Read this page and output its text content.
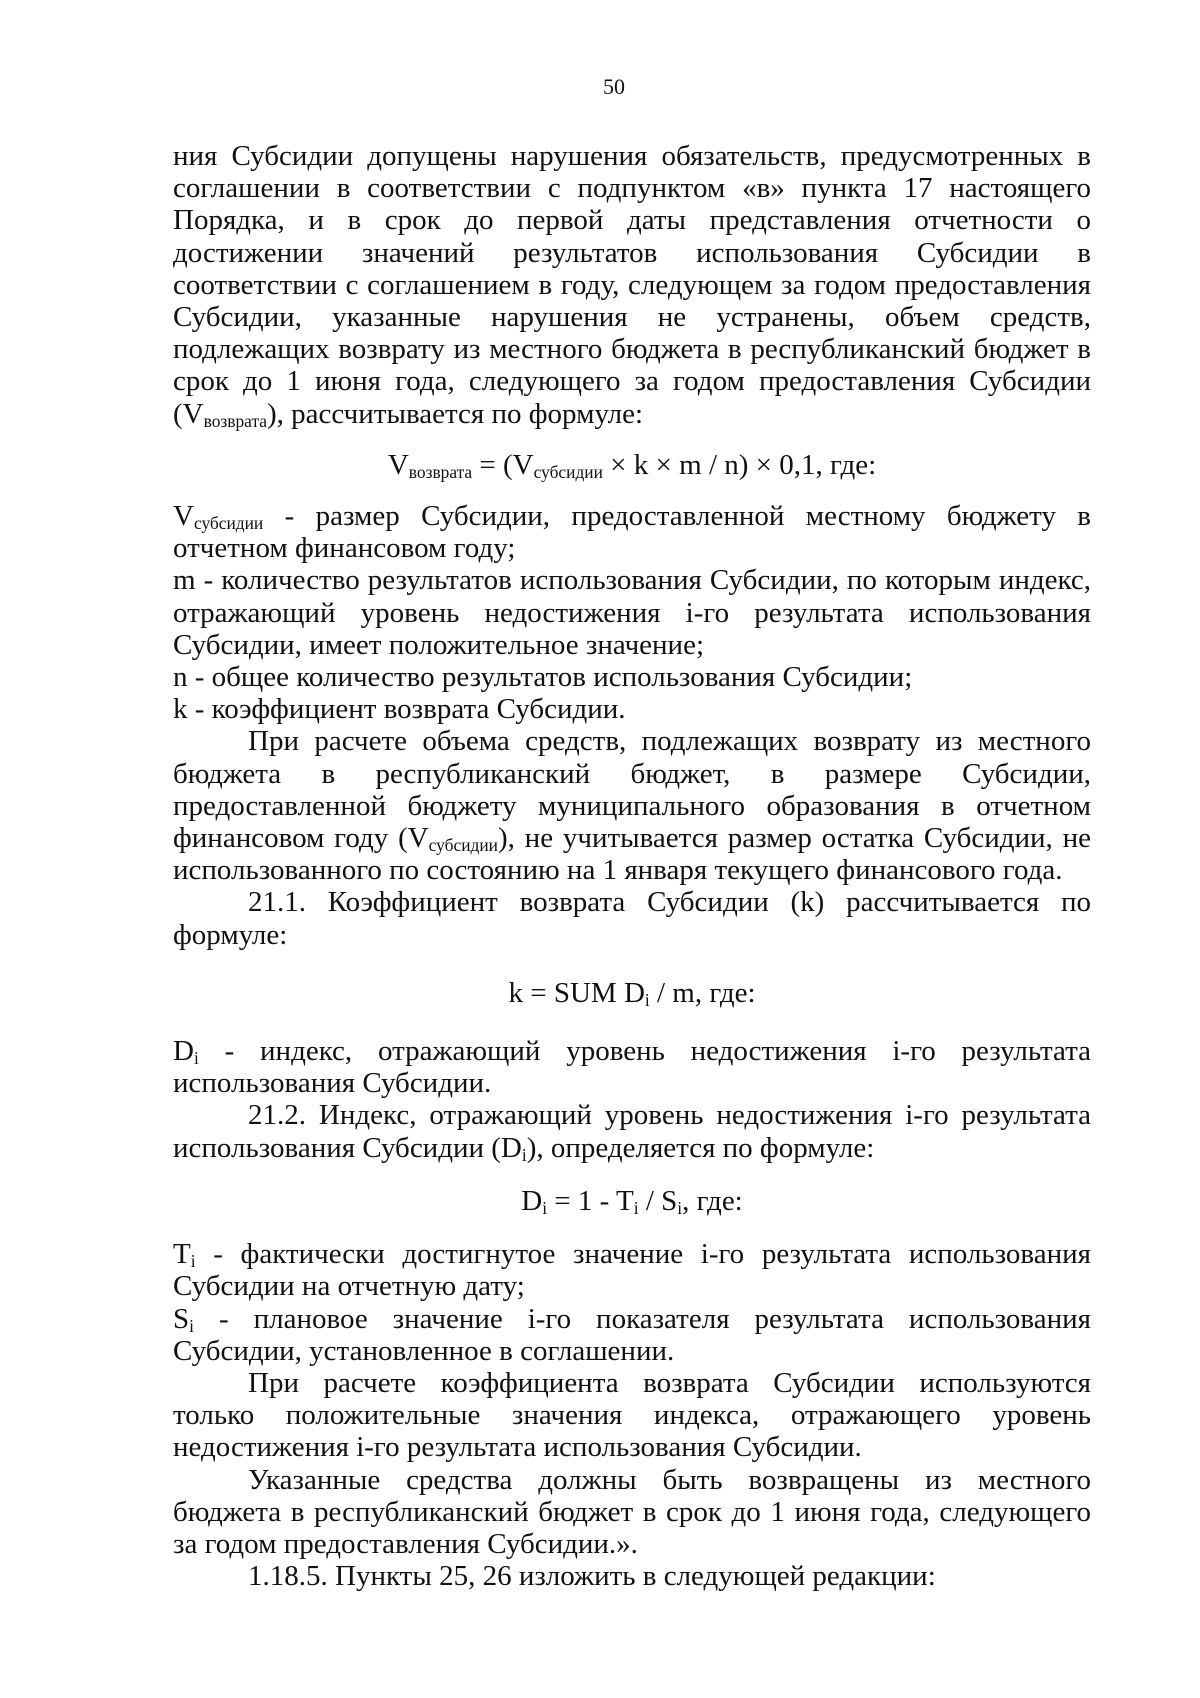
50

ния Субсидии допущены нарушения обязательств, предусмотренных в соглашении в соответствии с подпунктом «в» пункта 17 настоящего Порядка, и в срок до первой даты представления отчетности о достижении значений результатов использования Субсидии в соответствии с соглашением в году, следующем за годом предоставления Субсидии, указанные нарушения не устранены, объем средств, подлежащих возврату из местного бюджета в республиканский бюджет в срок до 1 июня года, следующего за годом предоставления Субсидии $(V_{возврата})$, рассчитывается по формуле:

$V_{возврата} = (V_{субсидии} \times k \times m / n) \times 0,1$, где:

$V_{субсидии}$ - размер Субсидии, предоставленной местному бюджету в отчетном финансовом году;

m - количество результатов использования Субсидии, по которым индекс, отражающий уровень недостижения i-го результата использования Субсидии, имеет положительное значение;

n - общее количество результатов использования Субсидии;

k - коэффициент возврата Субсидии.

При расчете объема средств, подлежащих возврату из местного бюджета в республиканский бюджет, в размере Субсидии, предоставленной бюджету муниципального образования в отчетном финансовом году $(V_{субсидии})$, не учитывается размер остатка Субсидии, не использованного по состоянию на 1 января текущего финансового года.

21.1. Коэффициент возврата Субсидии (k) рассчитывается по формуле:

k = SUM $D_i$ / m, где:

$D_i$ - индекс, отражающий уровень недостижения i-го результата использования Субсидии.

21.2. Индекс, отражающий уровень недостижения i-го результата использования Субсидии $(D_i)$, определяется по формуле:

$D_i = 1 - T_i / S_i$, где:

$T_i$ - фактически достигнутое значение i-го результата использования Субсидии на отчетную дату;

$S_i$ - плановое значение i-го показателя результата использования Субсидии, установленное в соглашении.

При расчете коэффициента возврата Субсидии используются только положительные значения индекса, отражающего уровень недостижения i-го результата использования Субсидии.

Указанные средства должны быть возвращены из местного бюджета в республиканский бюджет в срок до 1 июня года, следующего за годом предоставления Субсидии.».

1.18.5. Пункты 25, 26 изложить в следующей редакции:
